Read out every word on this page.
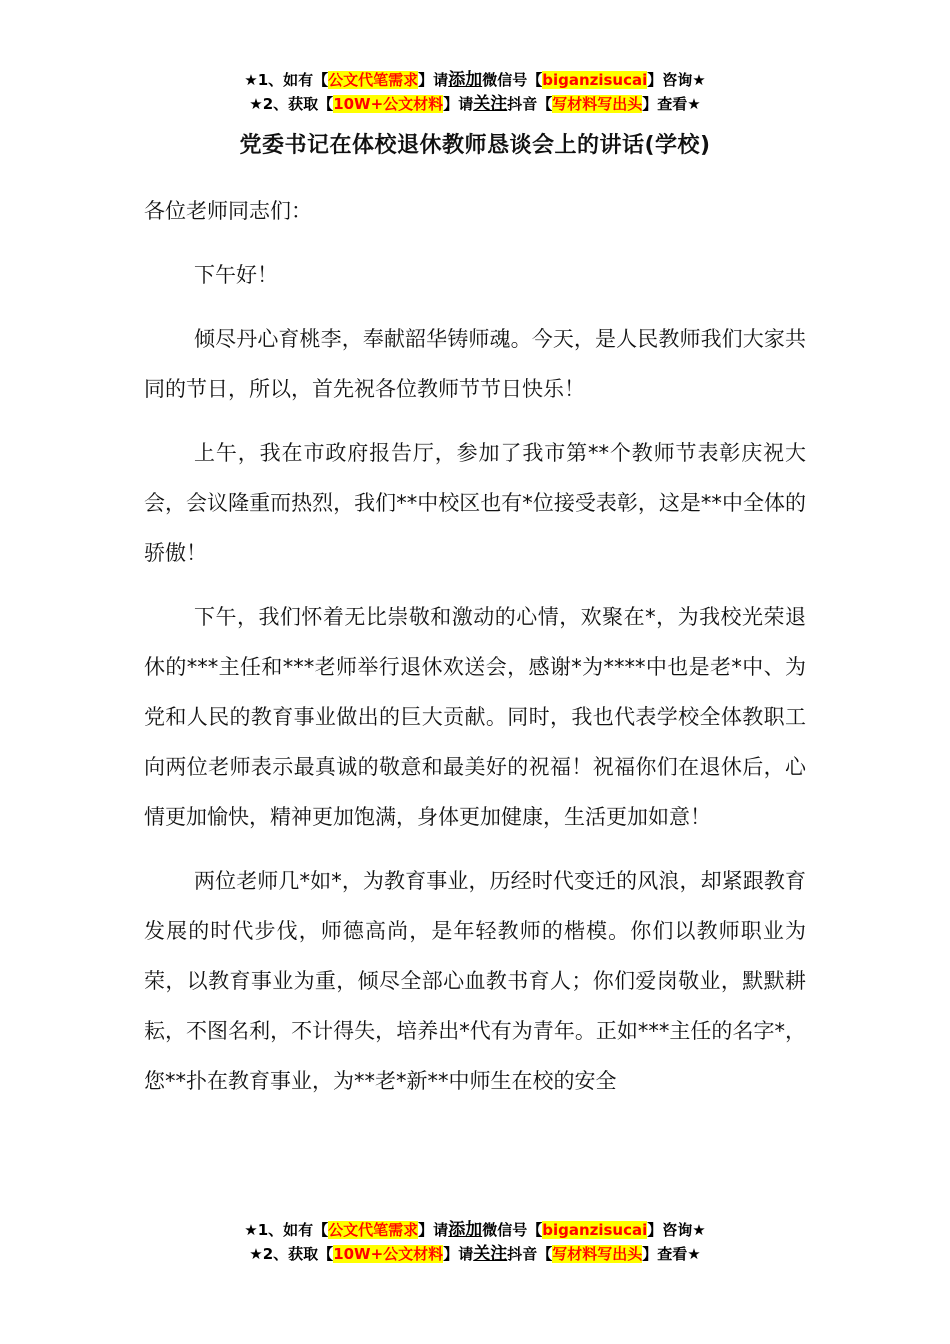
★1、如有【公文代笔需求】请添加微信号【biganzisucai】咨询★
★2、获取【10W+公文材料】请关注抖音【写材料写出头】查看★
党委书记在体校退休教师恳谈会上的讲话(学校)

各位老师同志们：

下午好！

倾尽丹心育桃李，奉献韶华铸师魂。今天，是人民教师我们大家共同的节日，所以，首先祝各位教师节节日快乐！

上午，我在市政府报告厅，参加了我市第**个教师节表彰庆祝大会，会议隆重而热烈，我们**中校区也有*位接受表彰，这是**中全体的骄傲！

下午，我们怀着无比崇敬和激动的心情，欢聚在*，为我校光荣退休的***主任和***老师举行退休欢送会，感谢*为****中也是老*中、为党和人民的教育事业做出的巨大贡献。同时，我也代表学校全体教职工向两位老师表示最真诚的敬意和最美好的祝福！祝福你们在退休后，心情更加愉快，精神更加饱满，身体更加健康，生活更加如意！

两位老师几*如*，为教育事业，历经时代变迁的风浪，却紧跟教育发展的时代步伐，师德高尚，是年轻教师的楷模。你们以教师职业为荣，以教育事业为重，倾尽全部心血教书育人；你们爱岗敬业，默默耕耘，不图名利，不计得失，培养出*代有为青年。正如***主任的名字*，您**扑在教育事业，为**老*新**中师生在校的安全

★1、如有【公文代笔需求】请添加微信号【biganzisucai】咨询★
★2、获取【10W+公文材料】请关注抖音【写材料写出头】查看★
